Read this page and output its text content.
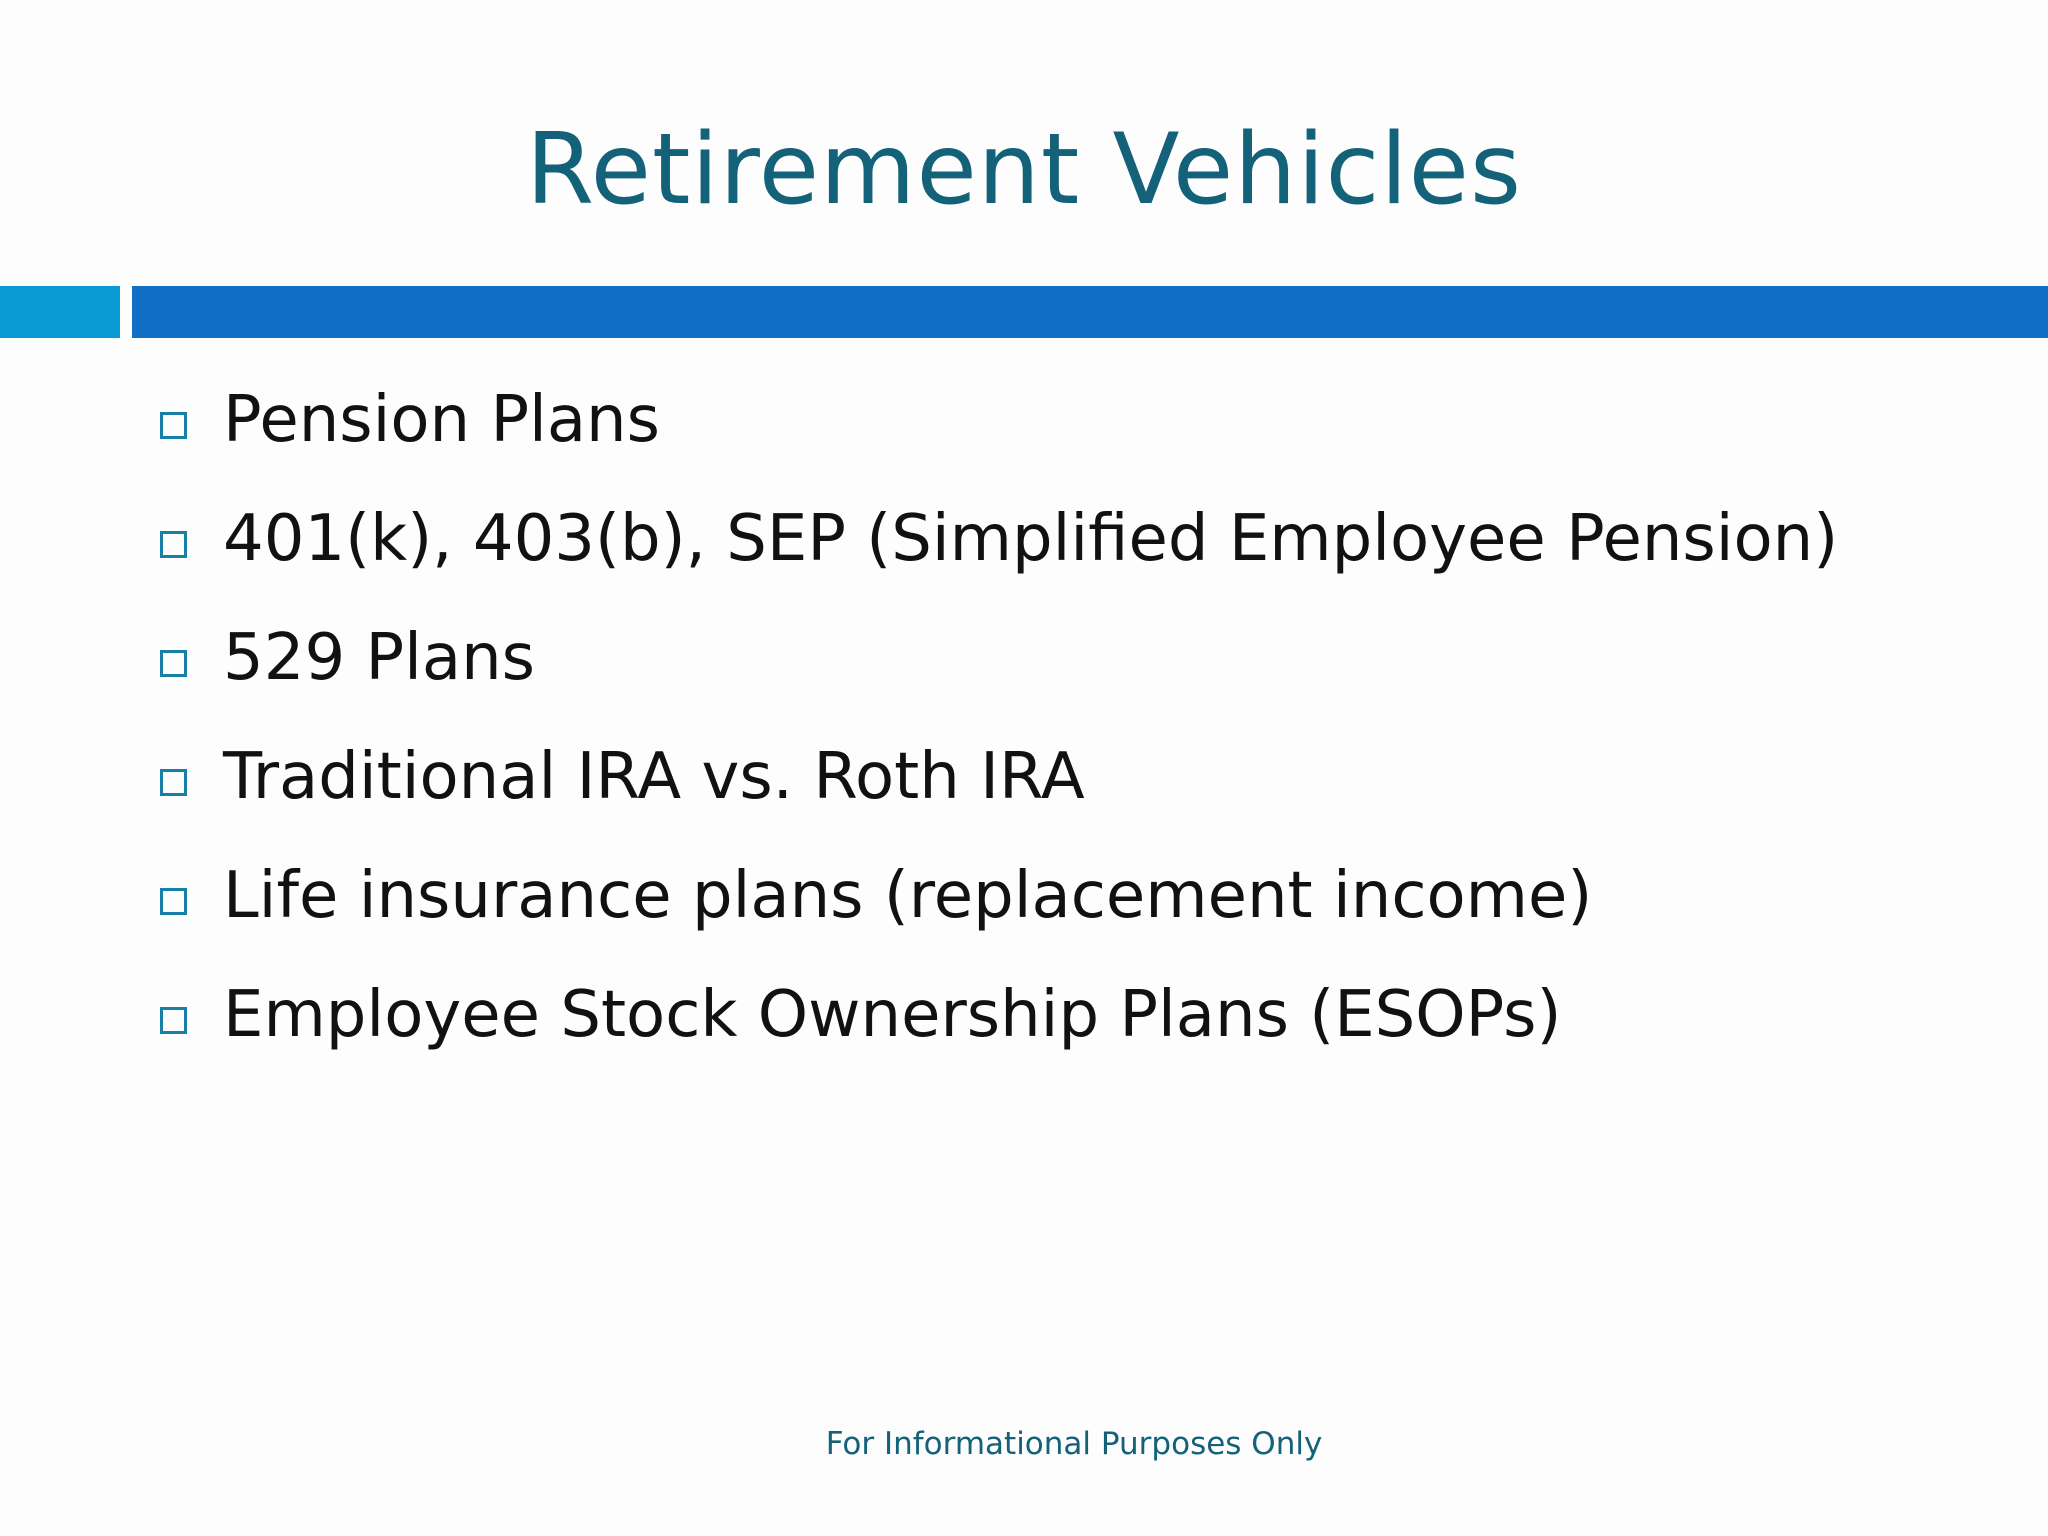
Retirement Vehicles
Pension Plans
401(k), 403(b), SEP (Simplified Employee Pension)
529 Plans
Traditional IRA vs. Roth IRA
Life insurance plans (replacement income)
Employee Stock Ownership Plans (ESOPs)
For Informational Purposes Only
